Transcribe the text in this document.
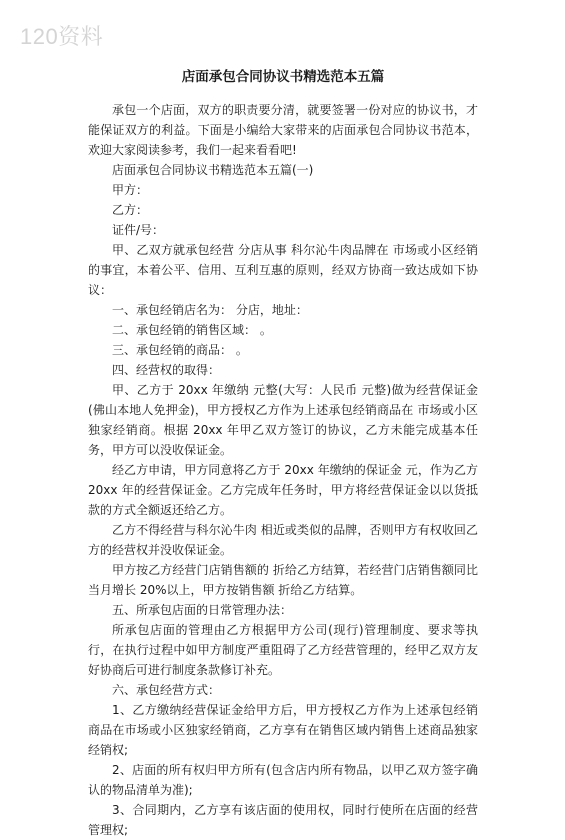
120资料
店面承包合同协议书精选范本五篇

承包一个店面，双方的职责要分清，就要签署一份对应的协议书，才能保证双方的利益。下面是小编给大家带来的店面承包合同协议书范本，欢迎大家阅读参考，我们一起来看看吧!

店面承包合同协议书精选范本五篇(一)

甲方：

乙方：

证件/号：

甲、乙双方就承包经营 分店从事 科尔沁牛肉品牌在 市场或小区经销的事宜，本着公平、信用、互利互惠的原则，经双方协商一致达成如下协议：

一、承包经销店名为： 分店，地址：

二、承包经销的销售区域： 。

三、承包经销的商品： 。

四、经营权的取得：

甲、乙方于 20xx 年缴纳 元整(大写：人民币 元整)做为经营保证金(佛山本地人免押金)，甲方授权乙方作为上述承包经销商品在 市场或小区独家经销商。根据 20xx 年甲乙双方签订的协议，乙方未能完成基本任务，甲方可以没收保证金。

经乙方申请，甲方同意将乙方于 20xx 年缴纳的保证金 元，作为乙方 20xx 年的经营保证金。乙方完成年任务时，甲方将经营保证金以以货抵款的方式全额返还给乙方。

乙方不得经营与科尔沁牛肉 相近或类似的品牌，否则甲方有权收回乙方的经营权并没收保证金。

甲方按乙方经营门店销售额的 折给乙方结算，若经营门店销售额同比当月增长 20%以上，甲方按销售额 折给乙方结算。

五、所承包店面的日常管理办法：

所承包店面的管理由乙方根据甲方公司(现行)管理制度、要求等执行，在执行过程中如甲方制度严重阻碍了乙方经营管理的，经甲乙双方友好协商后可进行制度条款修订补充。

六、承包经营方式：

1、乙方缴纳经营保证金给甲方后，甲方授权乙方作为上述承包经销商品在市场或小区独家经销商，乙方享有在销售区域内销售上述商品独家经销权;

2、店面的所有权归甲方所有(包含店内所有物品，以甲乙双方签字确认的物品清单为准);

3、合同期内，乙方享有该店面的使用权，同时行使所在店面的经营管理权;
